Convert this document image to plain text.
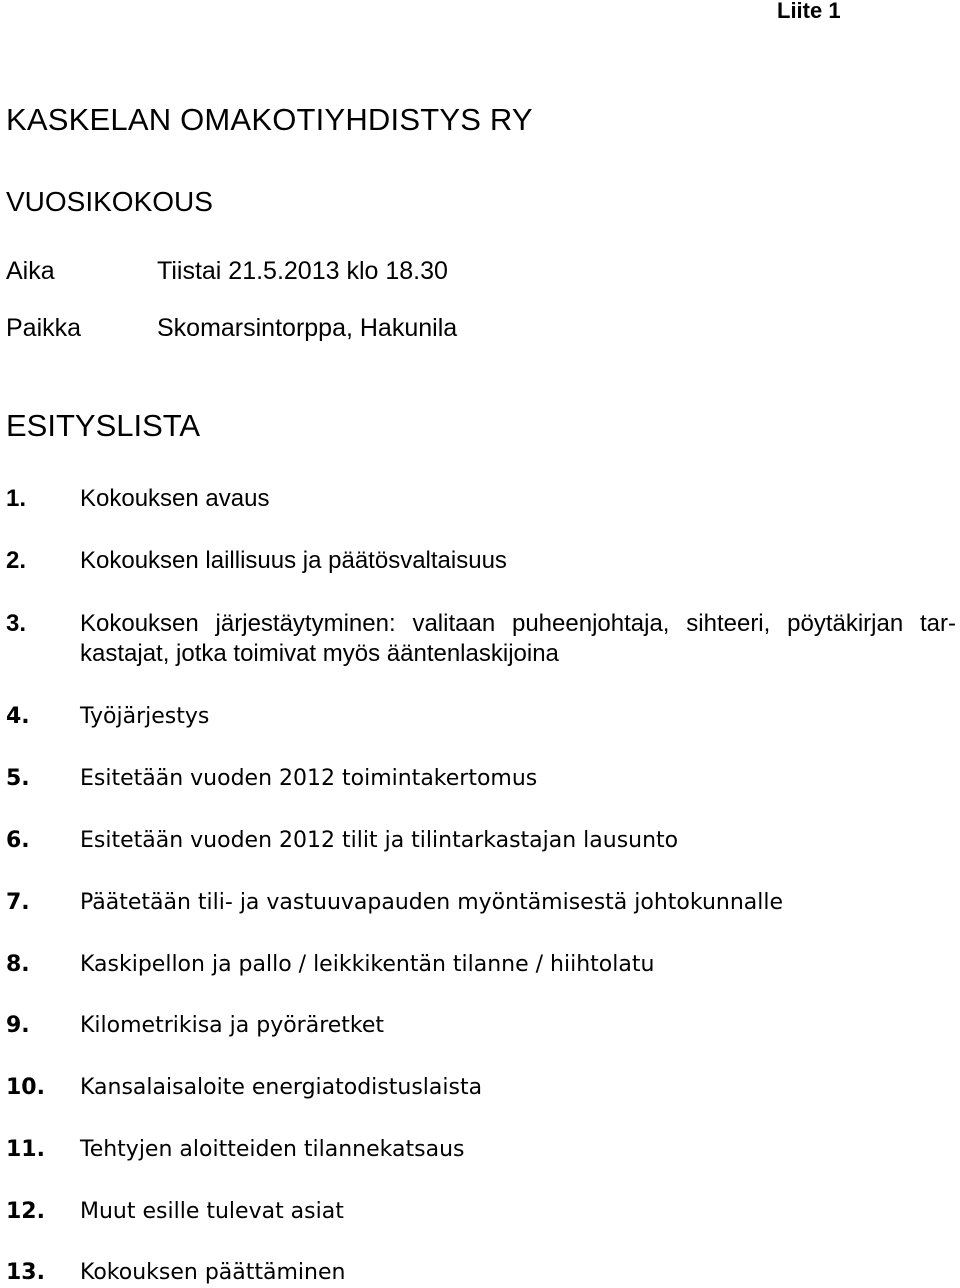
Liite 1
KASKELAN OMAKOTIYHDISTYS RY
VUOSIKOKOUS
Aika	Tiistai 21.5.2013 klo 18.30
Paikka	Skomarsintorppa, Hakunila
ESITYSLISTA
1. Kokouksen avaus
2. Kokouksen laillisuus ja päätösvaltaisuus
3. Kokouksen järjestäytyminen: valitaan puheenjohtaja, sihteeri, pöytäkirjan tar-kastajat, jotka toimivat myös ääntenlaskijoina
4. Työjärjestys
5. Esitetään vuoden 2012 toimintakertomus
6. Esitetään vuoden 2012 tilit ja tilintarkastajan lausunto
7. Päätetään tili- ja vastuuvapauden myöntämisestä johtokunnalle
8. Kaskipellon ja pallo / leikkikentän tilanne / hiihtolatu
9. Kilometrikisa ja pyöräretket
10. Kansalaisaloite energiatodistuslaista
11. Tehtyjen aloitteiden tilannekatsaus
12. Muut esille tulevat asiat
13. Kokouksen päättäminen
